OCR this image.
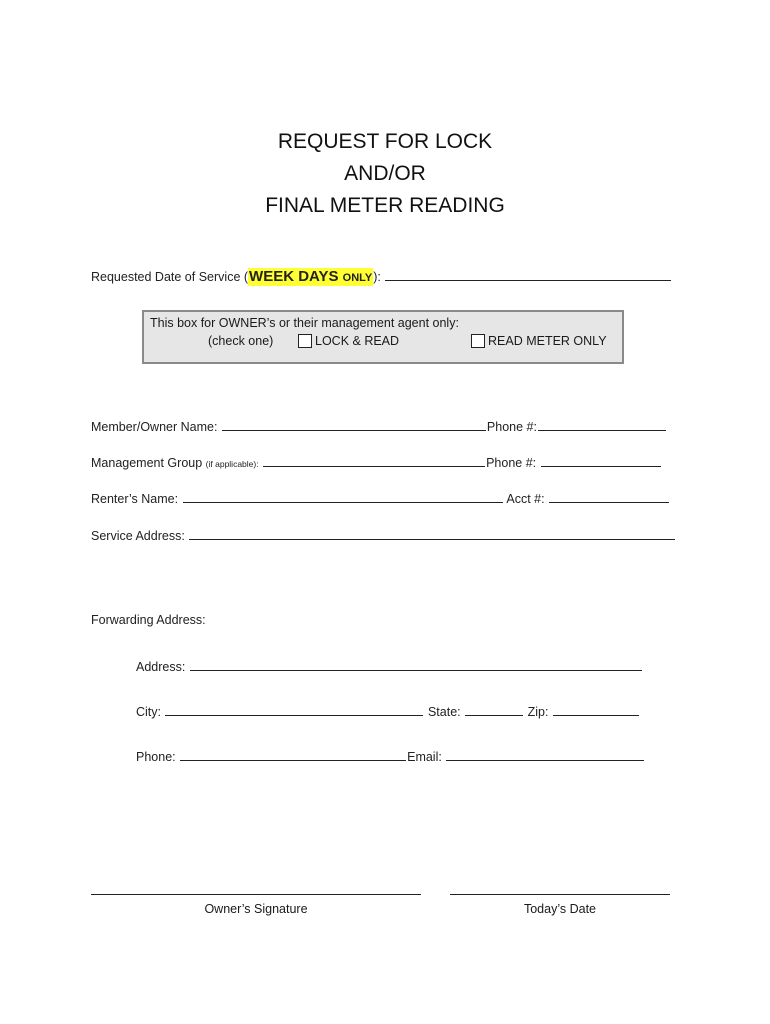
REQUEST FOR LOCK
AND/OR
FINAL METER READING
Requested Date of Service (WEEK DAYS ONLY):
This box for OWNER’s or their management agent only:
(check one)	LOCK & READ	READ METER ONLY
Member/Owner Name:	Phone #:
Management Group (if applicable):	Phone #:
Renter’s Name:	Acct #:
Service Address:
Forwarding Address:
Address:
City:	State:	Zip:
Phone:	Email:
Owner’s Signature	Today’s Date
